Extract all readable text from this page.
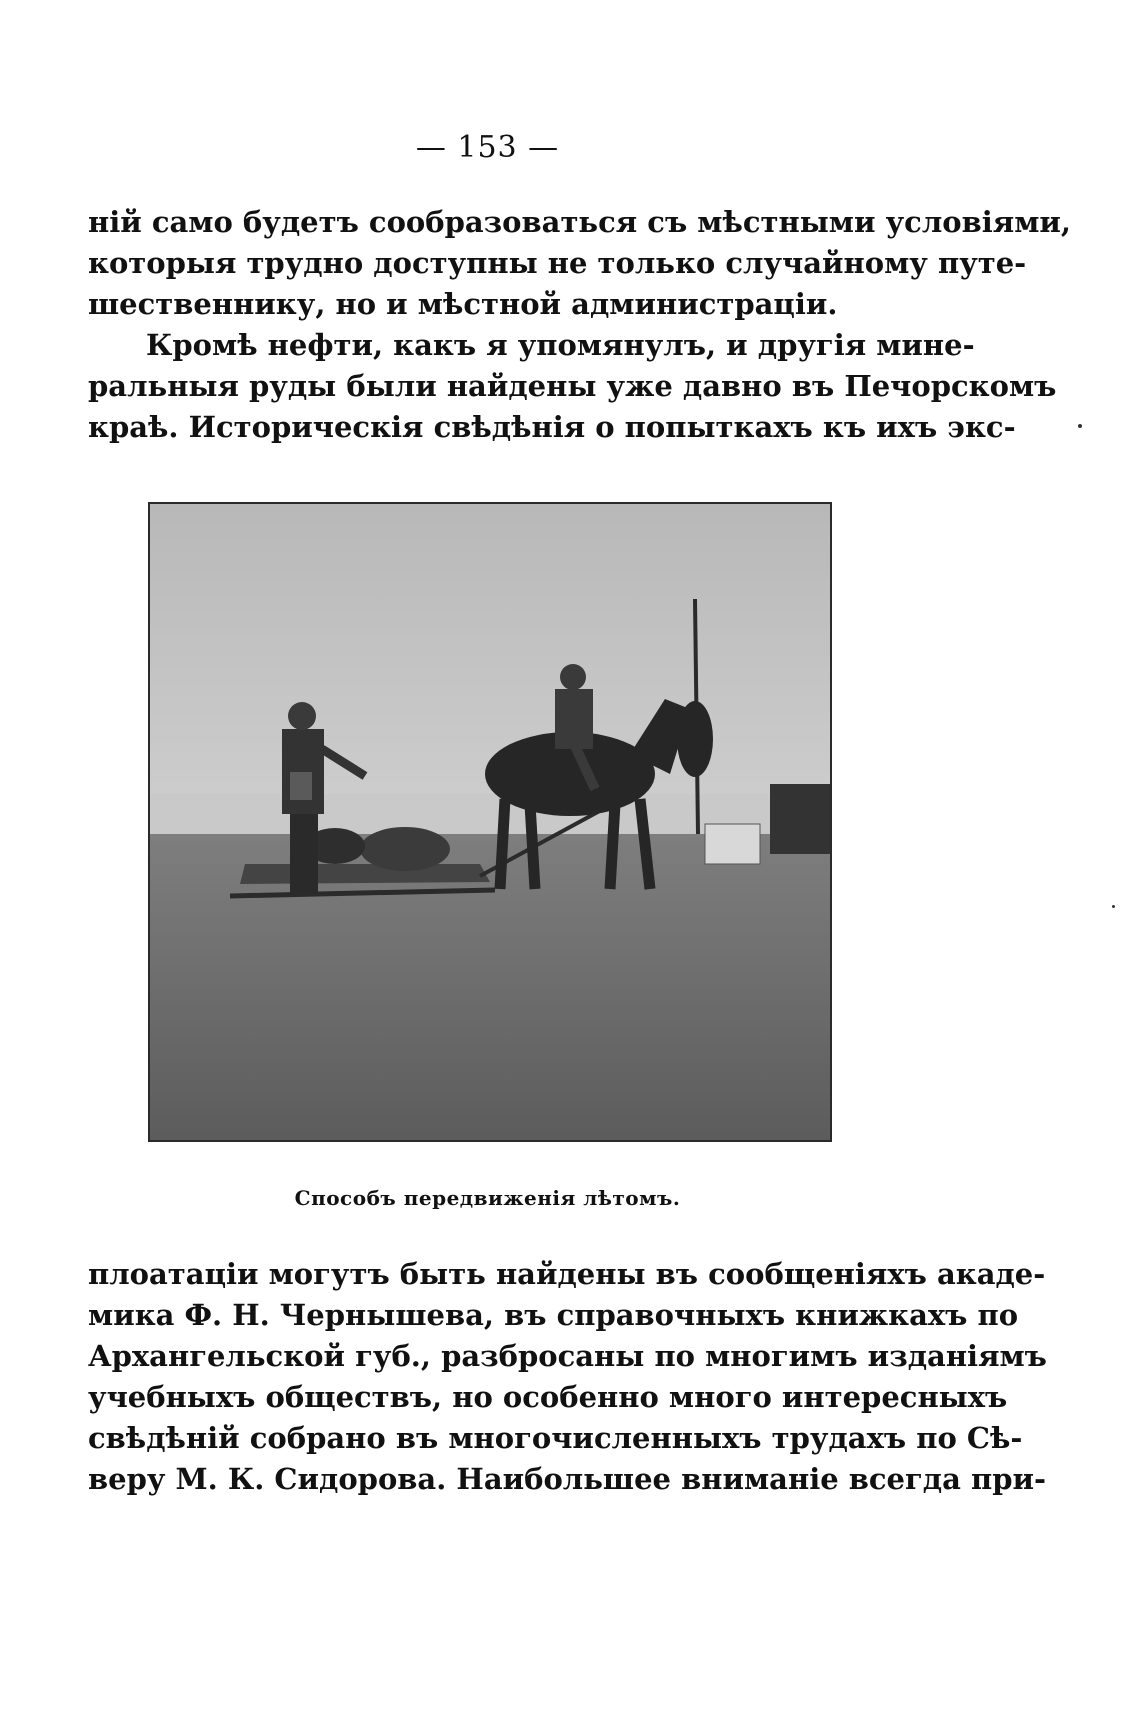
— 153 —
ній само будетъ сообразоваться съ мѣстными условіями,
которыя трудно доступны не только случайному путе-
шественнику, но и мѣстной администраціи.
Кромѣ нефти, какъ я упомянулъ, и другія мине-
ральныя руды были найдены уже давно въ Печорскомъ
краѣ. Историческія свѣдѣнія о попыткахъ къ ихъ экс-
Способъ передвиженія лѣтомъ.
плоатаціи могутъ быть найдены въ сообщеніяхъ акаде-
мика Ф. Н. Чернышева, въ справочныхъ книжкахъ по
Архангельской губ., разбросаны по многимъ изданіямъ
учебныхъ обществъ, но особенно много интересныхъ
свѣдѣній собрано въ многочисленныхъ трудахъ по Сѣ-
веру М. К. Сидорова. Наибольшее вниманіе всегда при-
